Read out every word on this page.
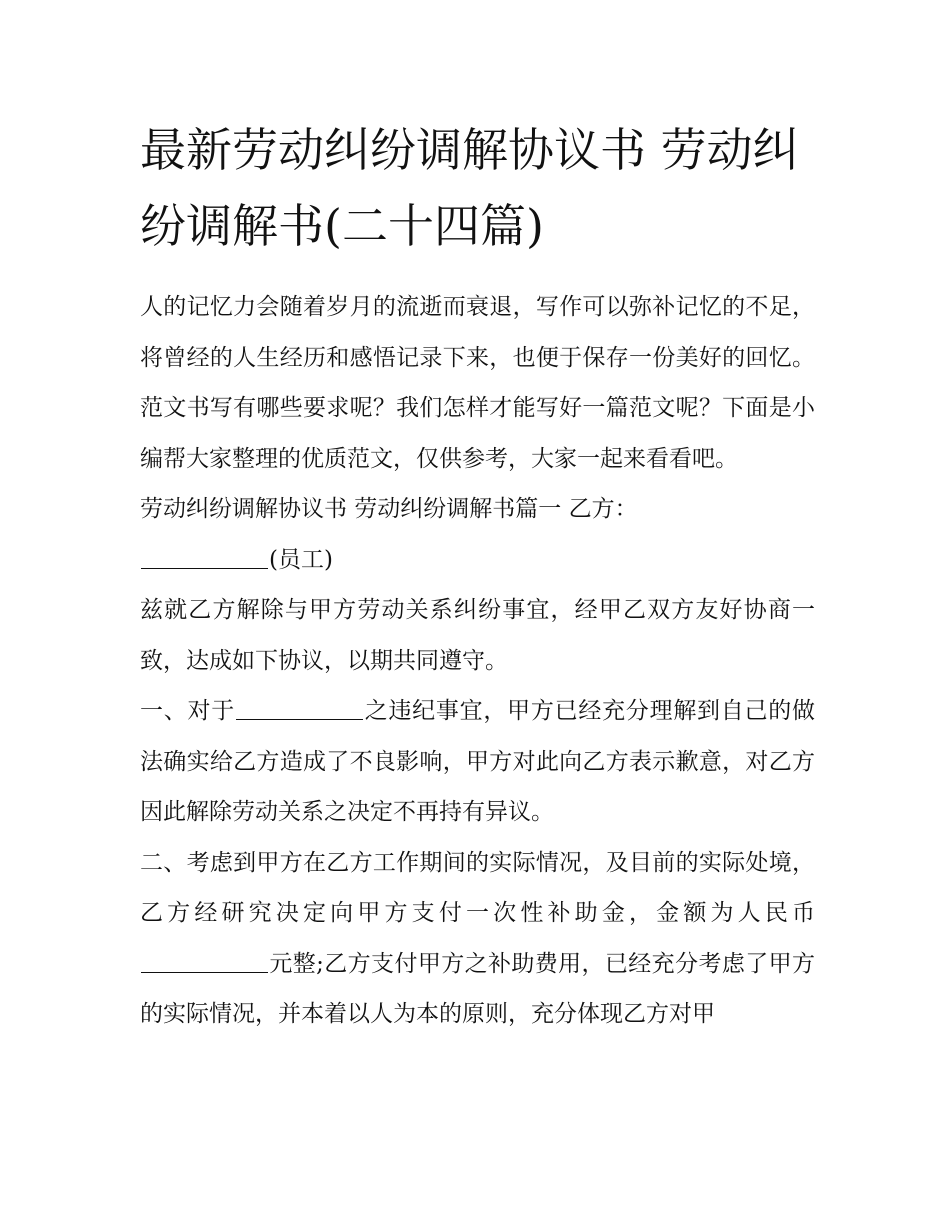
最新劳动纠纷调解协议书 劳动纠纷调解书(二十四篇)

人的记忆力会随着岁月的流逝而衰退，写作可以弥补记忆的不足，将曾经的人生经历和感悟记录下来，也便于保存一份美好的回忆。范文书写有哪些要求呢？我们怎样才能写好一篇范文呢？下面是小编帮大家整理的优质范文，仅供参考，大家一起来看看吧。

劳动纠纷调解协议书 劳动纠纷调解书篇一 乙方：

(员工)

兹就乙方解除与甲方劳动关系纠纷事宜，经甲乙双方友好协商一致，达成如下协议，以期共同遵守。

一、对于	之违纪事宜，甲方已经充分理解到自己的做法确实给乙方造成了不良影响，甲方对此向乙方表示歉意，对乙方因此解除劳动关系之决定不再持有异议。

二、考虑到甲方在乙方工作期间的实际情况，及目前的实际处境，乙方经研究决定向甲方支付一次性补助金，金额为人民币元整;乙方支付甲方之补助费用，已经充分考虑了甲方的实际情况，并本着以人为本的原则，充分体现乙方对甲
